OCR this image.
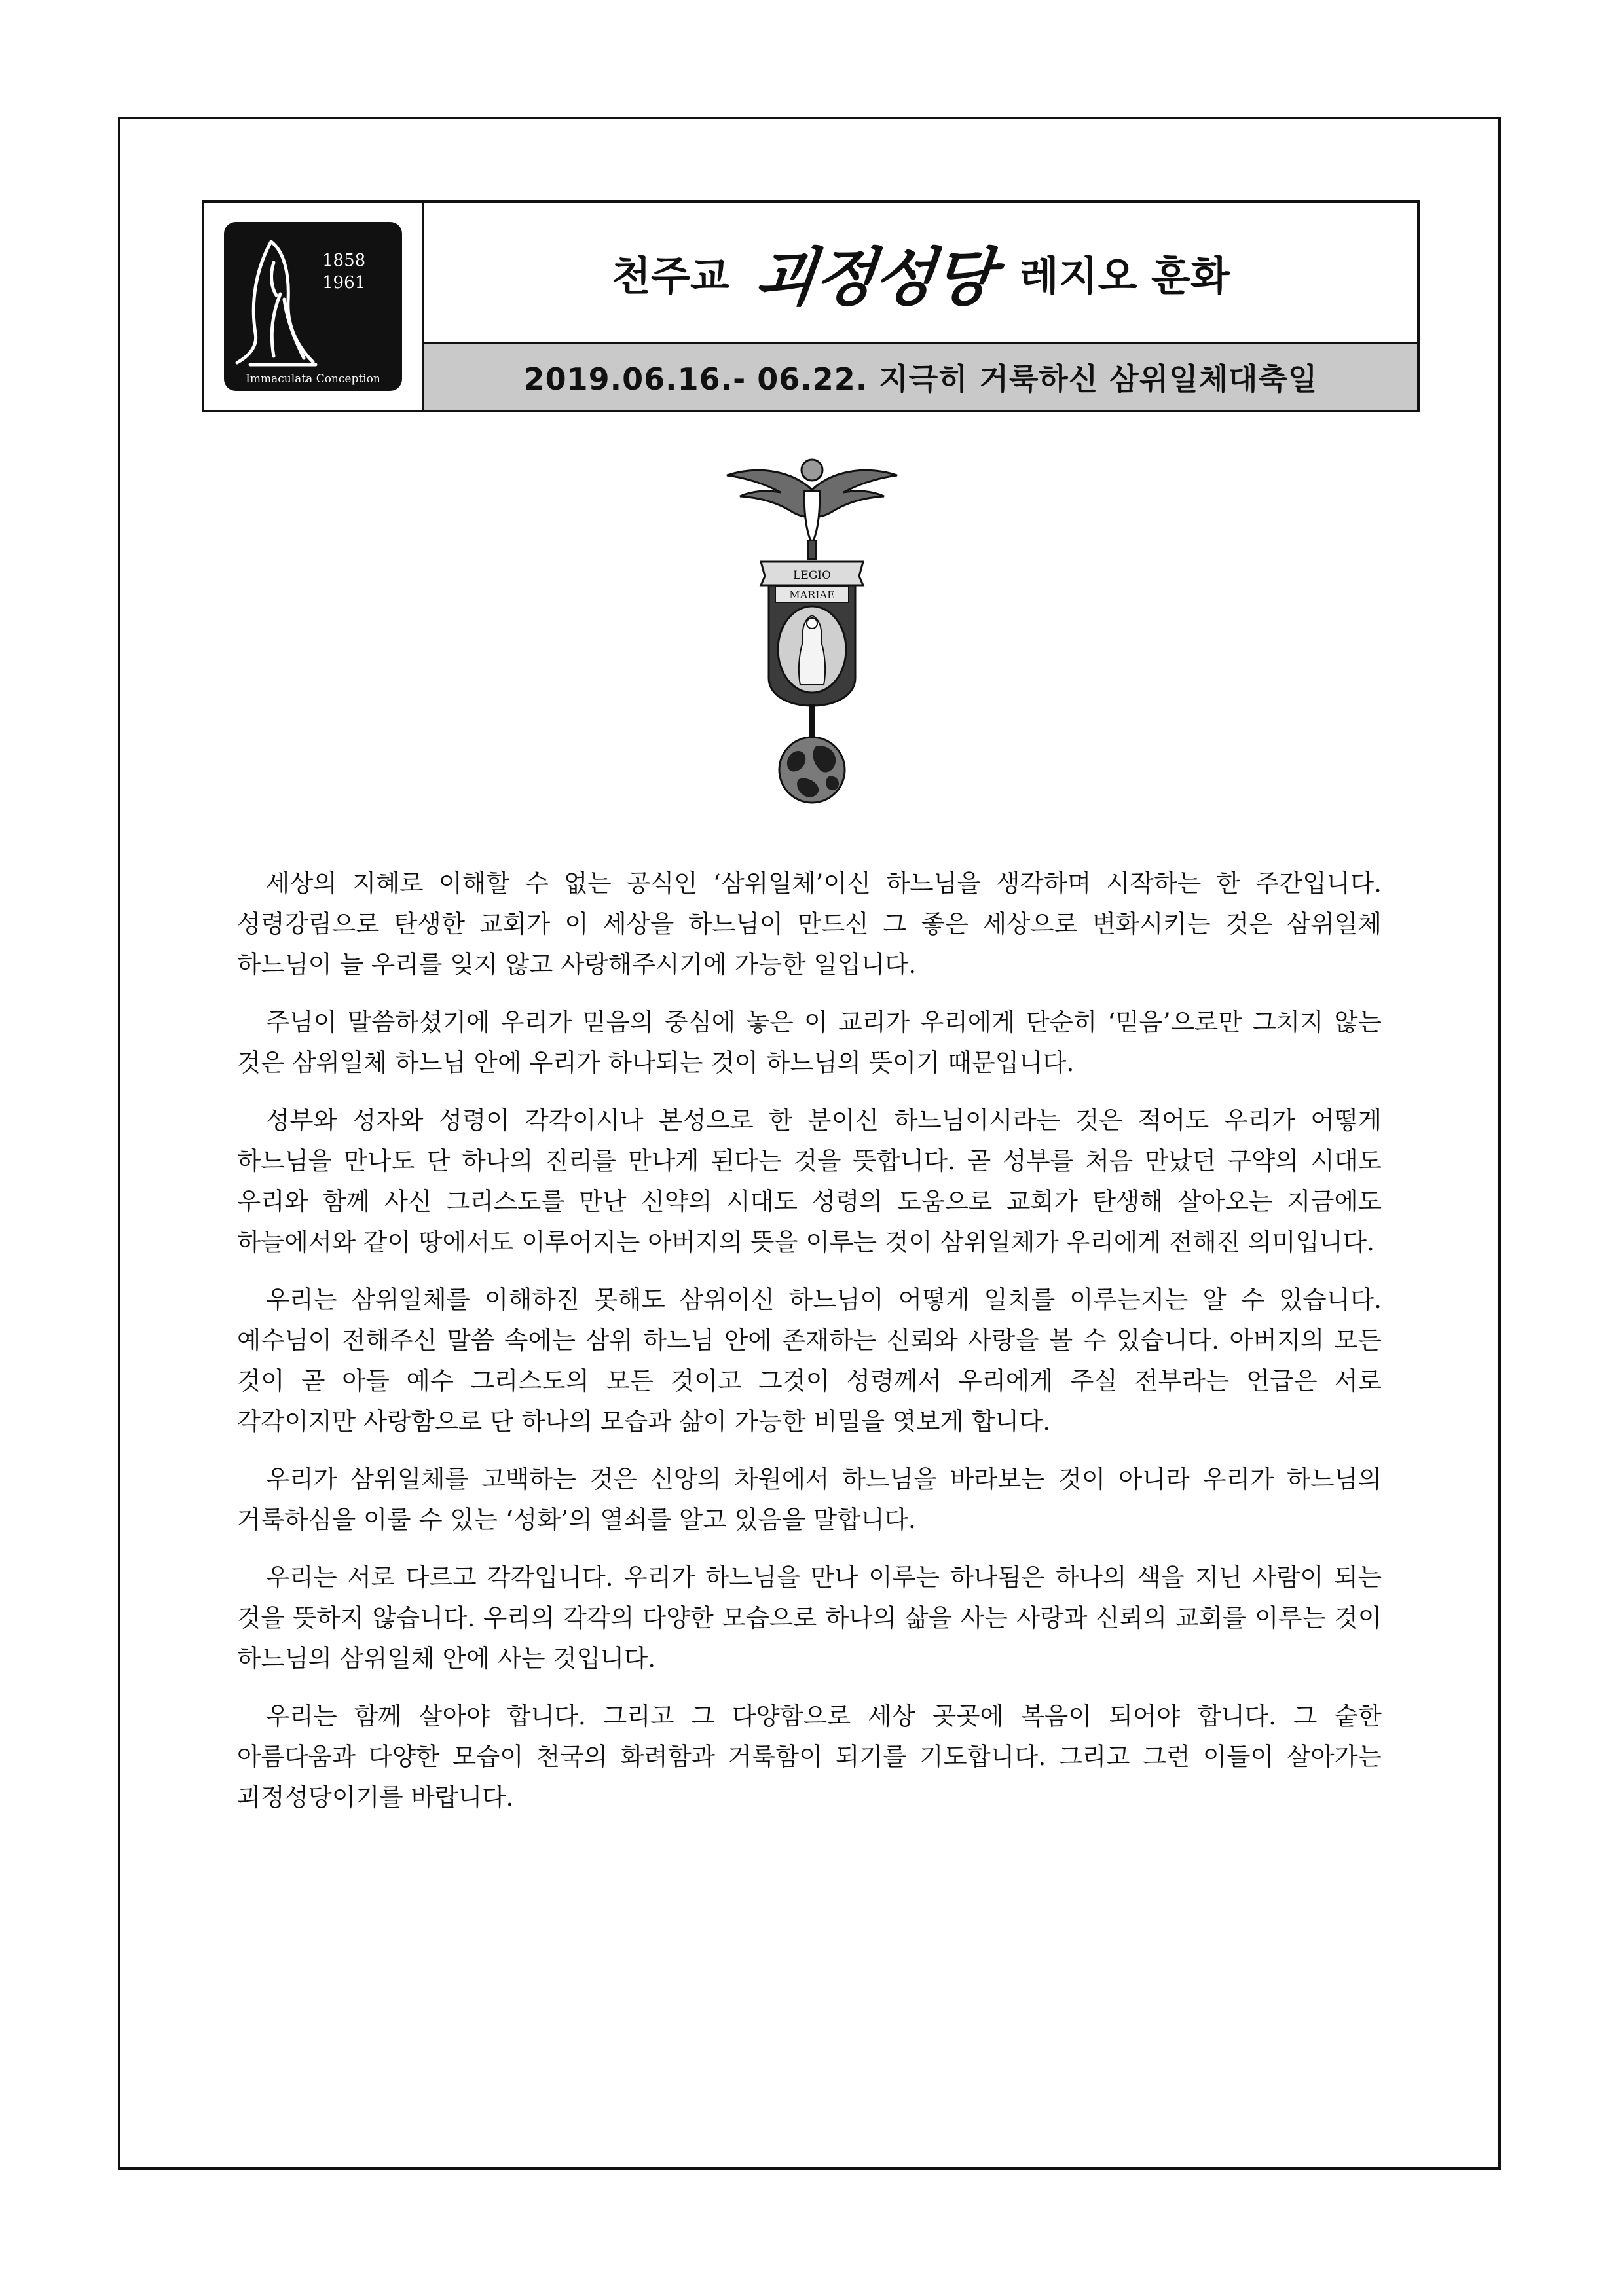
1858
1961
Immaculata Conception
천주교 괴정성당 레지오 훈화
2019.06.16.- 06.22. 지극히 거룩하신 삼위일체대축일
LEGIO
MARIAE

세상의 지혜로 이해할 수 없는 공식인 ‘삼위일체’이신 하느님을 생각하며 시작하는 한 주간입니다. 성령강림으로 탄생한 교회가 이 세상을 하느님이 만드신 그 좋은 세상으로 변화시키는 것은 삼위일체 하느님이 늘 우리를 잊지 않고 사랑해주시기에 가능한 일입니다.

주님이 말씀하셨기에 우리가 믿음의 중심에 놓은 이 교리가 우리에게 단순히 ‘믿음’으로만 그치지 않는 것은 삼위일체 하느님 안에 우리가 하나되는 것이 하느님의 뜻이기 때문입니다.

성부와 성자와 성령이 각각이시나 본성으로 한 분이신 하느님이시라는 것은 적어도 우리가 어떻게 하느님을 만나도 단 하나의 진리를 만나게 된다는 것을 뜻합니다. 곧 성부를 처음 만났던 구약의 시대도 우리와 함께 사신 그리스도를 만난 신약의 시대도 성령의 도움으로 교회가 탄생해 살아오는 지금에도 하늘에서와 같이 땅에서도 이루어지는 아버지의 뜻을 이루는 것이 삼위일체가 우리에게 전해진 의미입니다.

우리는 삼위일체를 이해하진 못해도 삼위이신 하느님이 어떻게 일치를 이루는지는 알 수 있습니다. 예수님이 전해주신 말씀 속에는 삼위 하느님 안에 존재하는 신뢰와 사랑을 볼 수 있습니다. 아버지의 모든 것이 곧 아들 예수 그리스도의 모든 것이고 그것이 성령께서 우리에게 주실 전부라는 언급은 서로 각각이지만 사랑함으로 단 하나의 모습과 삶이 가능한 비밀을 엿보게 합니다.

우리가 삼위일체를 고백하는 것은 신앙의 차원에서 하느님을 바라보는 것이 아니라 우리가 하느님의 거룩하심을 이룰 수 있는 ‘성화’의 열쇠를 알고 있음을 말합니다.

우리는 서로 다르고 각각입니다. 우리가 하느님을 만나 이루는 하나됨은 하나의 색을 지닌 사람이 되는 것을 뜻하지 않습니다. 우리의 각각의 다양한 모습으로 하나의 삶을 사는 사랑과 신뢰의 교회를 이루는 것이 하느님의 삼위일체 안에 사는 것입니다.

우리는 함께 살아야 합니다. 그리고 그 다양함으로 세상 곳곳에 복음이 되어야 합니다. 그 숱한 아름다움과 다양한 모습이 천국의 화려함과 거룩함이 되기를 기도합니다. 그리고 그런 이들이 살아가는 괴정성당이기를 바랍니다.
